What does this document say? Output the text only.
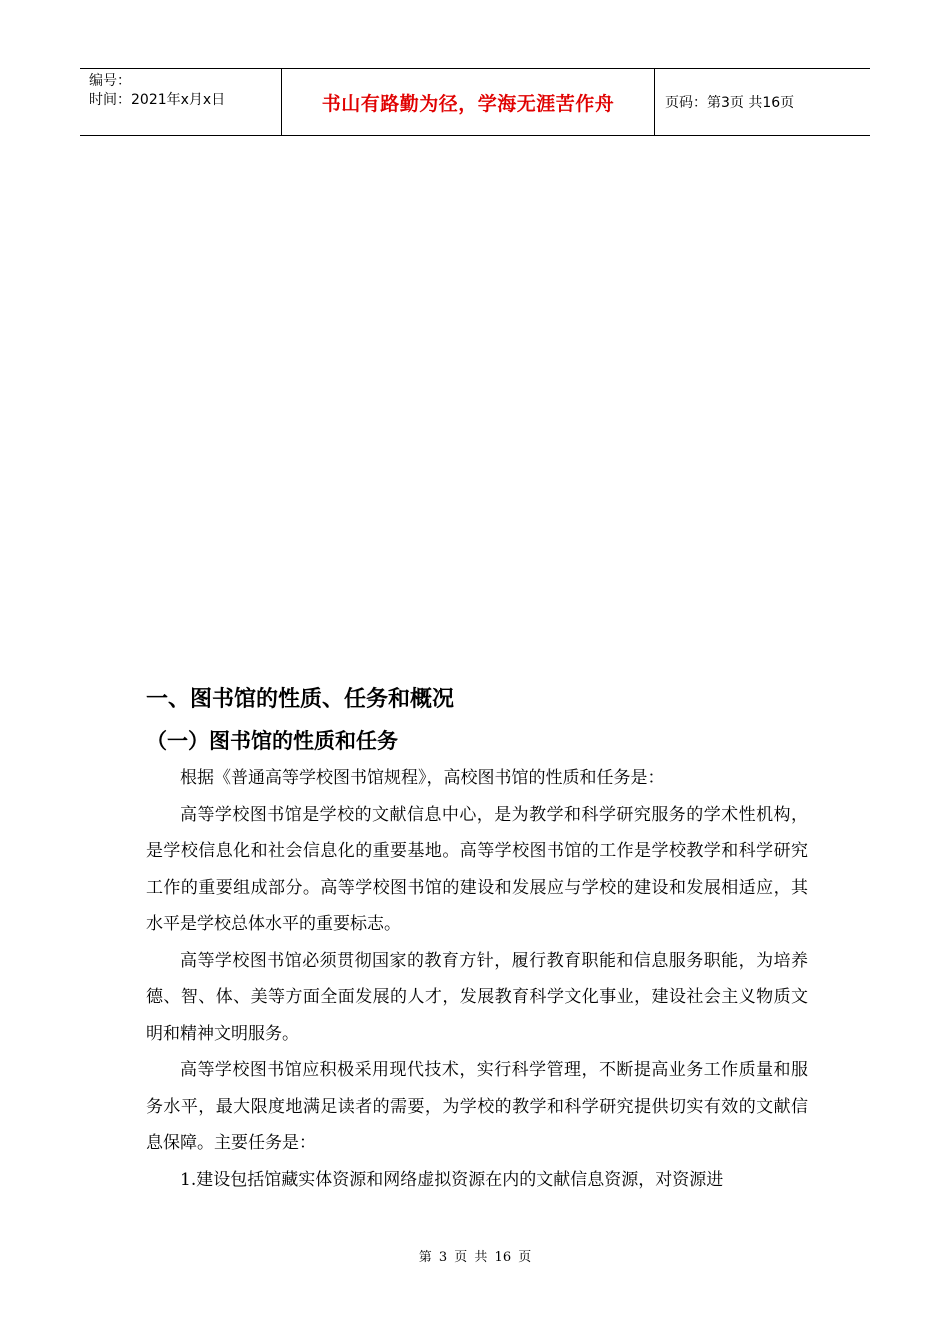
编号：
时间：2021年x月x日	书山有路勤为径，学海无涯苦作舟	页码：第3页 共16页
一、图书馆的性质、任务和概况
（一）图书馆的性质和任务

根据《普通高等学校图书馆规程》，高校图书馆的性质和任务是：

高等学校图书馆是学校的文献信息中心，是为教学和科学研究服务的学术性机构，是学校信息化和社会信息化的重要基地。高等学校图书馆的工作是学校教学和科学研究工作的重要组成部分。高等学校图书馆的建设和发展应与学校的建设和发展相适应，其水平是学校总体水平的重要标志。

高等学校图书馆必须贯彻国家的教育方针，履行教育职能和信息服务职能，为培养德、智、体、美等方面全面发展的人才，发展教育科学文化事业，建设社会主义物质文明和精神文明服务。

高等学校图书馆应积极采用现代技术，实行科学管理，不断提高业务工作质量和服务水平，最大限度地满足读者的需要，为学校的教学和科学研究提供切实有效的文献信息保障。主要任务是：

1.建设包括馆藏实体资源和网络虚拟资源在内的文献信息资源，对资源进

第 3 页 共 16 页
